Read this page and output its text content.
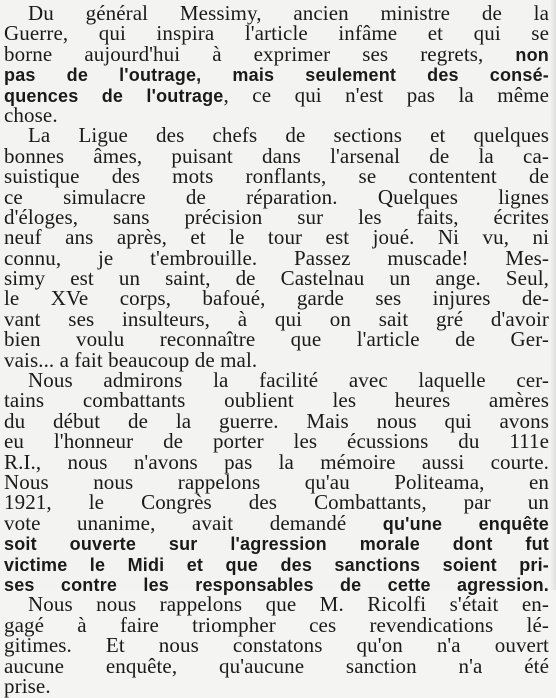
Du général Messimy, ancien ministre de la
Guerre, qui inspira l'article infâme et qui se
borne aujourd'hui à exprimer ses regrets, non
pas de l'outrage, mais seulement des consé-
quences de l'outrage, ce qui n'est pas la même
chose.
La Ligue des chefs de sections et quelques
bonnes âmes, puisant dans l'arsenal de la ca-
suistique des mots ronflants, se contentent de
ce simulacre de réparation. Quelques lignes
d'éloges, sans précision sur les faits, écrites
neuf ans après, et le tour est joué. Ni vu, ni
connu, je t'embrouille. Passez muscade! Mes-
simy est un saint, de Castelnau un ange. Seul,
le XVe corps, bafoué, garde ses injures de-
vant ses insulteurs, à qui on sait gré d'avoir
bien voulu reconnaître que l'article de Ger-
vais... a fait beaucoup de mal.
Nous admirons la facilité avec laquelle cer-
tains combattants oublient les heures amères
du début de la guerre. Mais nous qui avons
eu l'honneur de porter les écussions du 111e
R.I., nous n'avons pas la mémoire aussi courte.
Nous nous rappelons qu'au Politeama, en
1921, le Congrès des Combattants, par un
vote unanime, avait demandé qu'une enquête
soit ouverte sur l'agression morale dont fut
victime le Midi et que des sanctions soient pri-
ses contre les responsables de cette agression.
Nous nous rappelons que M. Ricolfi s'était en-
gagé à faire triompher ces revendications lé-
gitimes. Et nous constatons qu'on n'a ouvert
aucune enquête, qu'aucune sanction n'a été
prise.
